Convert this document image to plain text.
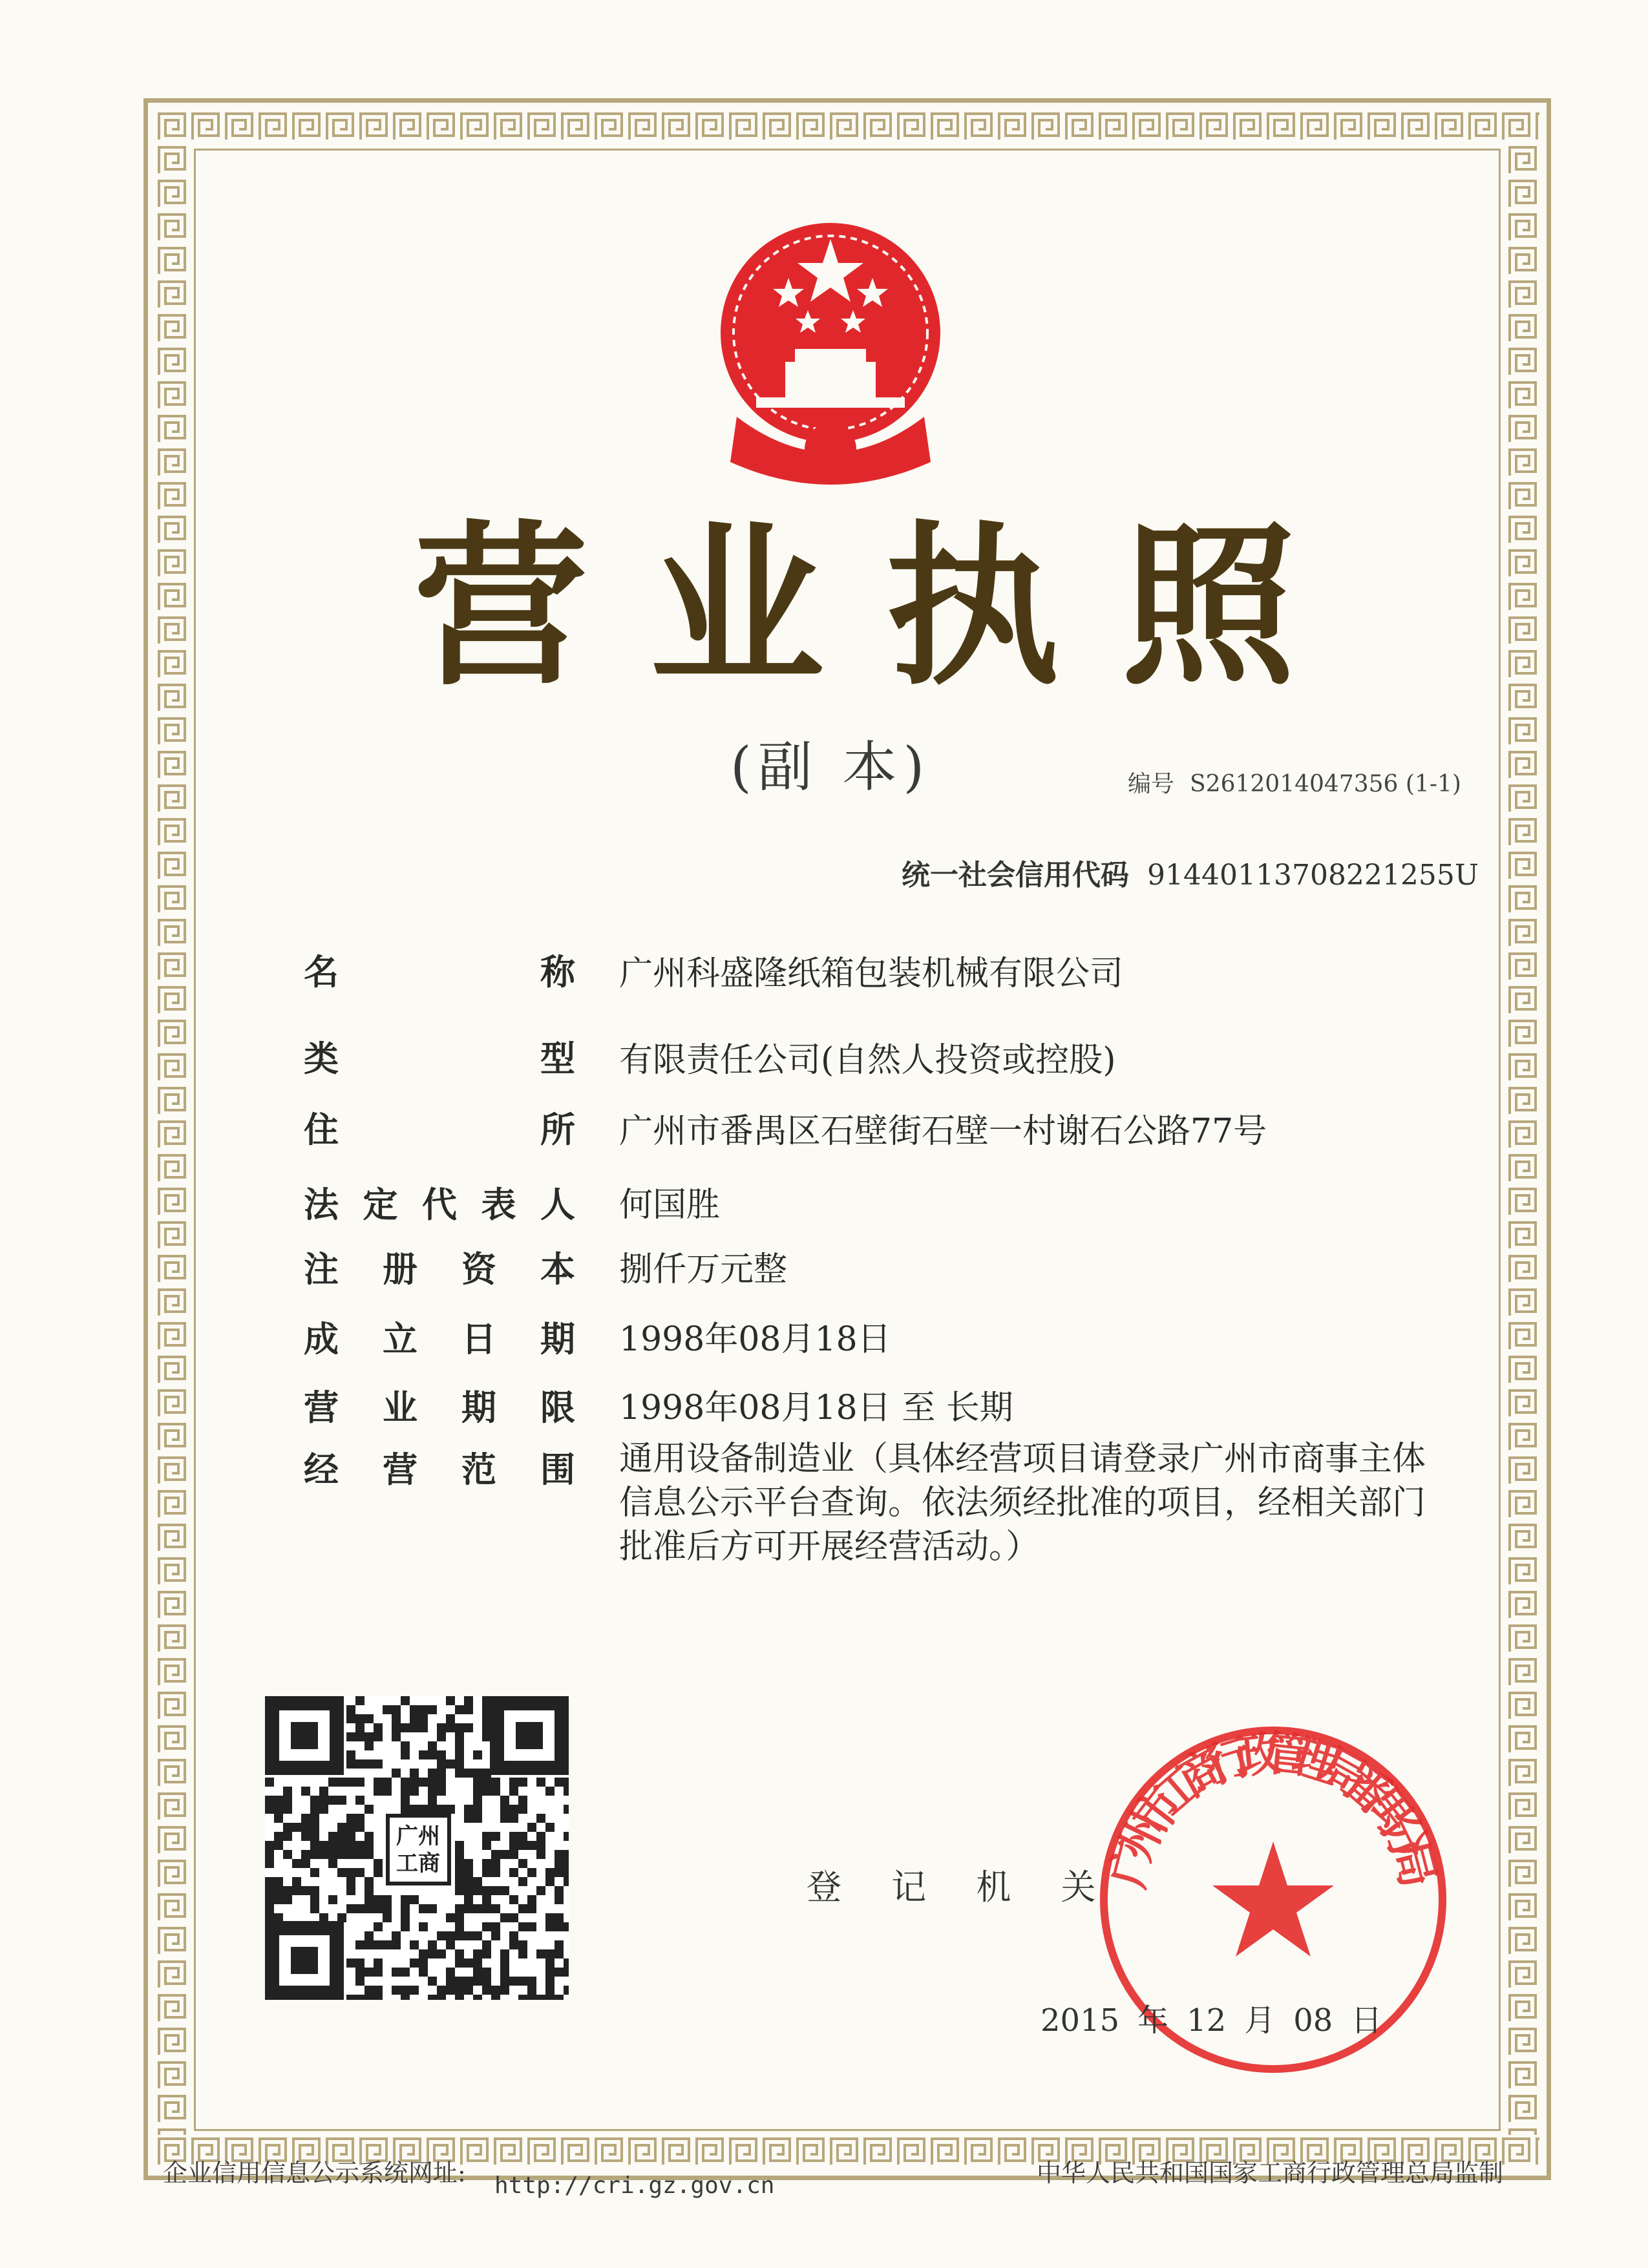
营业执照
(副 本)	编号 S2612014047356 (1-1)
统一社会信用代码 91440113708221255U
名	称 广州科盛隆纸箱包装机械有限公司
类	型 有限责任公司(自然人投资或控股)
住	所 广州市番禺区石壁街石壁一村谢石公路77号
法 定 代 表 人 何国胜
注 册 资 本 捌仟万元整
成 立 日 期 1998年08月18日
营 业 期 限 1998年08月18日 至 长期
经 营 范 围 通用设备制造业（具体经营项目请登录广州市商事主体信息公示平台查询。依法须经批准的项目，经相关部门批准后方可开展经营活动。）
广州
工商
登 记 机 关
广州市工商行政管理局番禺分局
2015 年 12 月 08 日
企业信用信息公示系统网址: http://cri.gz.gov.cn	中华人民共和国国家工商行政管理总局监制
